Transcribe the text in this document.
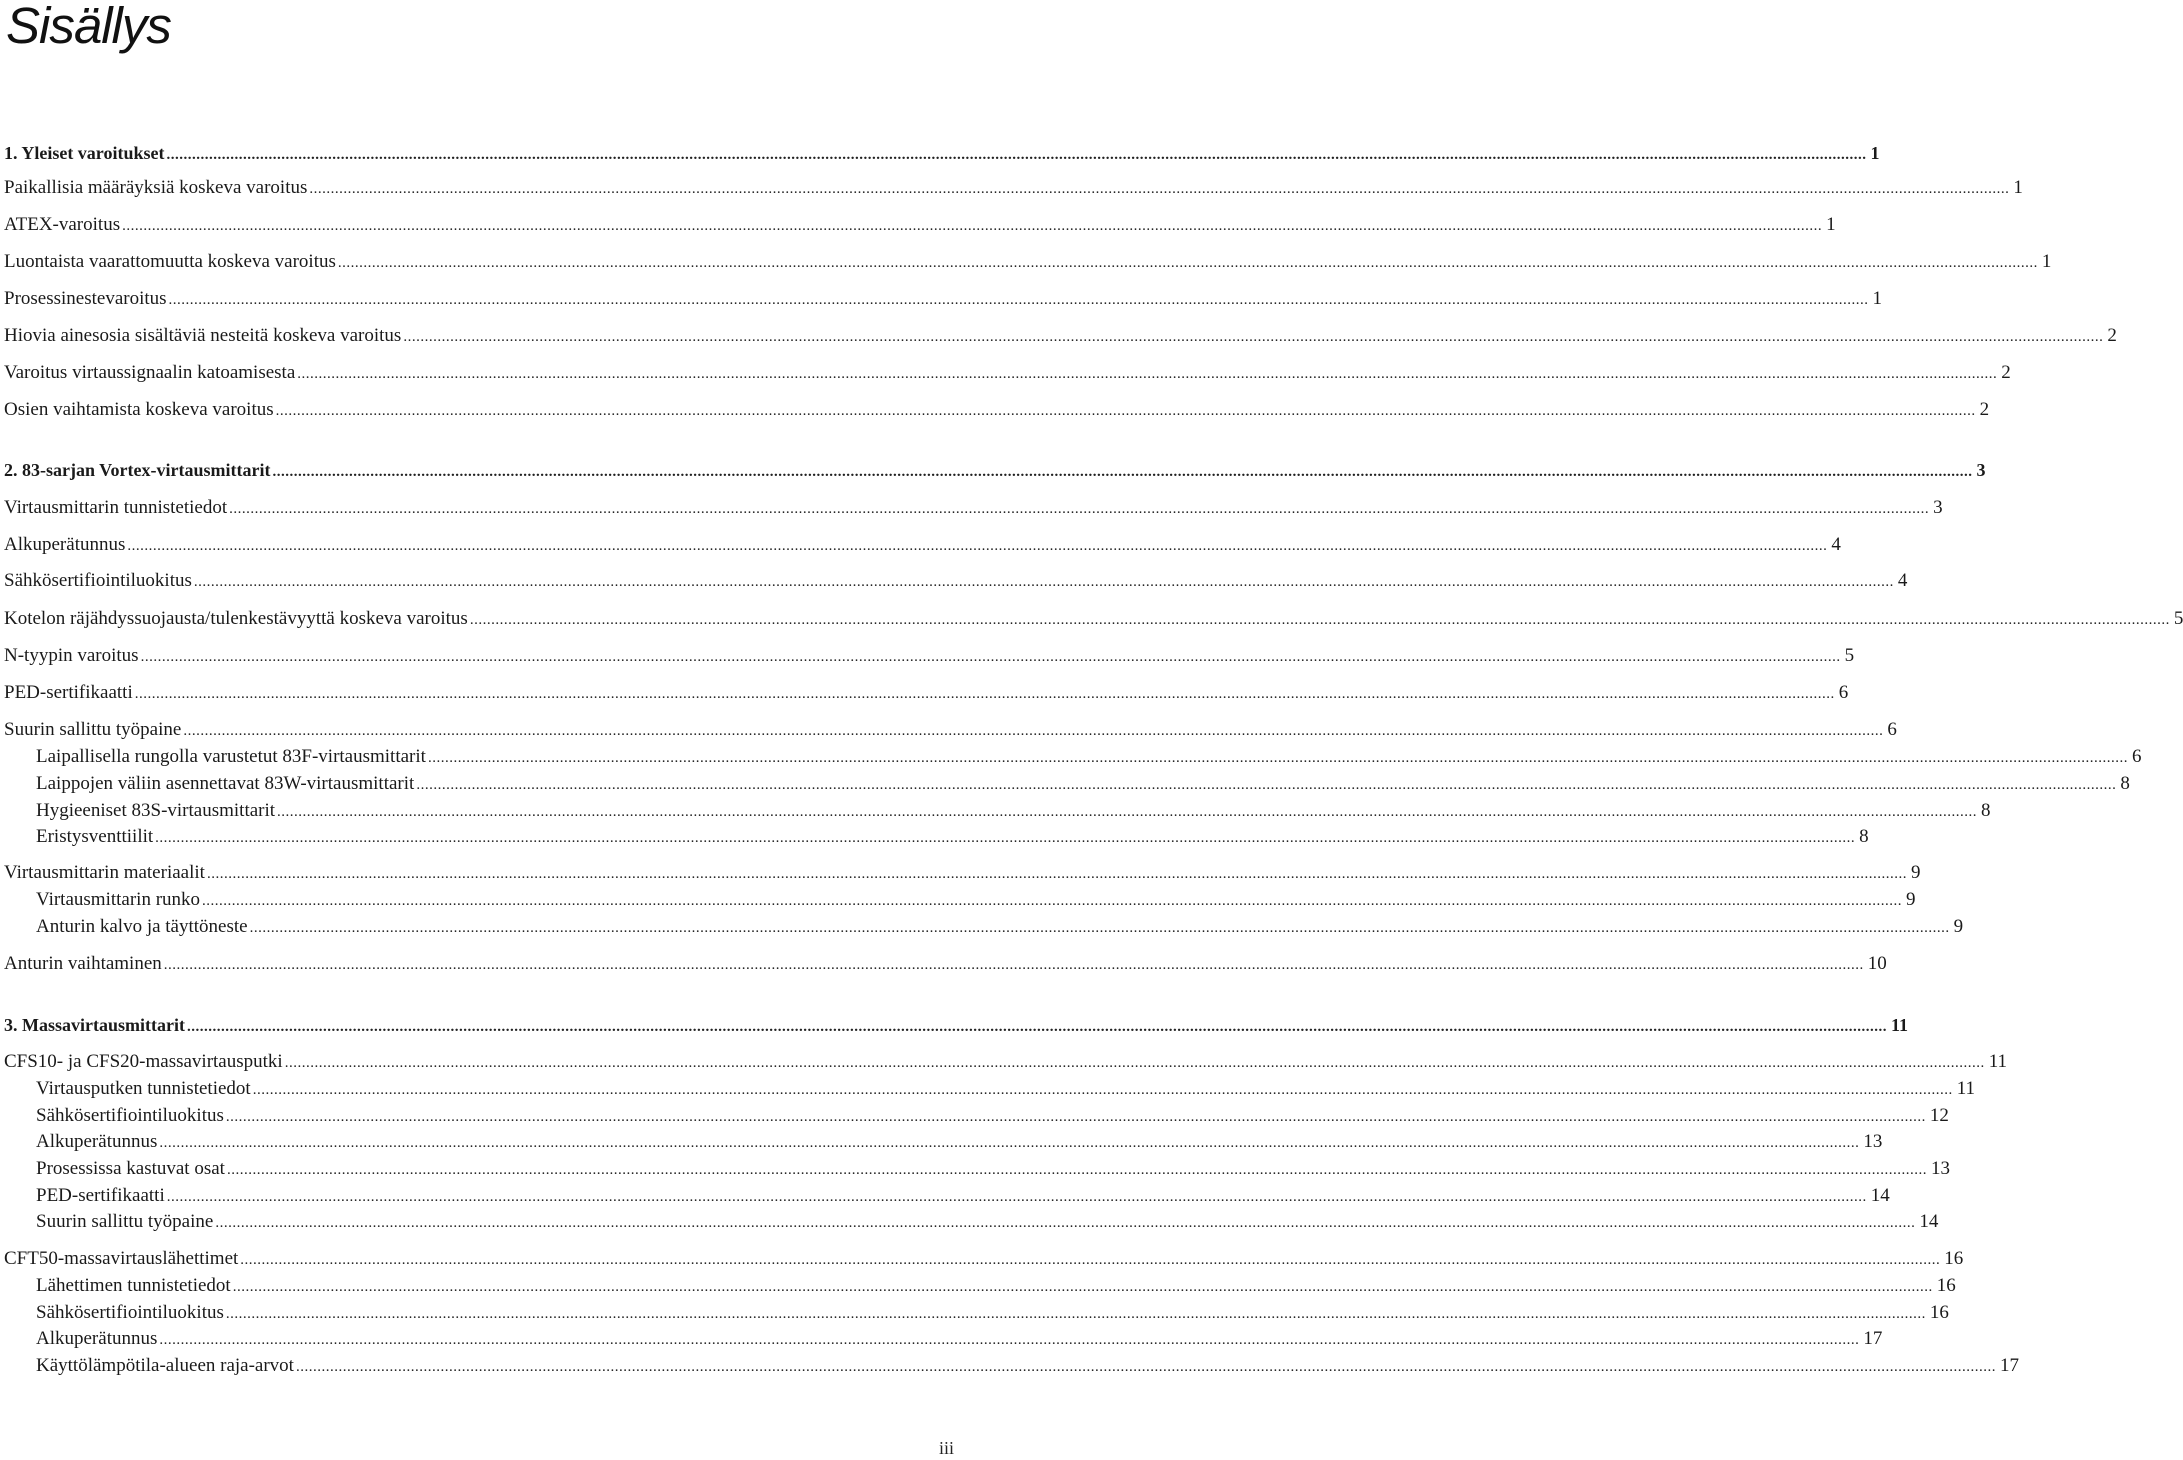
Sisällys
1. Yleiset varoitukset ................................................................................................................................................................................................................................................................................................................................................................................................................ 1
Paikallisia määräyksiä koskeva varoitus ................................................................................................................................................................................................................................................................................................................................................................................................................ 1
ATEX-varoitus ................................................................................................................................................................................................................................................................................................................................................................................................................ 1
Luontaista vaarattomuutta koskeva varoitus ................................................................................................................................................................................................................................................................................................................................................................................................................ 1
Prosessinestevaroitus ................................................................................................................................................................................................................................................................................................................................................................................................................ 1
Hiovia ainesosia sisältäviä nesteitä koskeva varoitus ................................................................................................................................................................................................................................................................................................................................................................................................................ 2
Varoitus virtaussignaalin katoamisesta ................................................................................................................................................................................................................................................................................................................................................................................................................ 2
Osien vaihtamista koskeva varoitus ................................................................................................................................................................................................................................................................................................................................................................................................................ 2
2. 83-sarjan Vortex-virtausmittarit ................................................................................................................................................................................................................................................................................................................................................................................................................ 3
Virtausmittarin tunnistetiedot ................................................................................................................................................................................................................................................................................................................................................................................................................ 3
Alkuperätunnus ................................................................................................................................................................................................................................................................................................................................................................................................................ 4
Sähkösertifiointiluokitus ................................................................................................................................................................................................................................................................................................................................................................................................................ 4
Kotelon räjähdyssuojausta/tulenkestävyyttä koskeva varoitus ................................................................................................................................................................................................................................................................................................................................................................................................................ 5
N-tyypin varoitus ................................................................................................................................................................................................................................................................................................................................................................................................................ 5
PED-sertifikaatti ................................................................................................................................................................................................................................................................................................................................................................................................................ 6
Suurin sallittu työpaine ................................................................................................................................................................................................................................................................................................................................................................................................................ 6
Laipallisella rungolla varustetut 83F-virtausmittarit ................................................................................................................................................................................................................................................................................................................................................................................................................ 6
Laippojen väliin asennettavat 83W-virtausmittarit ................................................................................................................................................................................................................................................................................................................................................................................................................ 8
Hygieeniset 83S-virtausmittarit ................................................................................................................................................................................................................................................................................................................................................................................................................ 8
Eristysventtiilit ................................................................................................................................................................................................................................................................................................................................................................................................................ 8
Virtausmittarin materiaalit ................................................................................................................................................................................................................................................................................................................................................................................................................ 9
Virtausmittarin runko ................................................................................................................................................................................................................................................................................................................................................................................................................ 9
Anturin kalvo ja täyttöneste ................................................................................................................................................................................................................................................................................................................................................................................................................ 9
Anturin vaihtaminen ................................................................................................................................................................................................................................................................................................................................................................................................................ 10
3. Massavirtausmittarit ................................................................................................................................................................................................................................................................................................................................................................................................................ 11
CFS10- ja CFS20-massavirtausputki ................................................................................................................................................................................................................................................................................................................................................................................................................ 11
Virtausputken tunnistetiedot ................................................................................................................................................................................................................................................................................................................................................................................................................ 11
Sähkösertifiointiluokitus ................................................................................................................................................................................................................................................................................................................................................................................................................ 12
Alkuperätunnus ................................................................................................................................................................................................................................................................................................................................................................................................................ 13
Prosessissa kastuvat osat ................................................................................................................................................................................................................................................................................................................................................................................................................ 13
PED-sertifikaatti ................................................................................................................................................................................................................................................................................................................................................................................................................ 14
Suurin sallittu työpaine ................................................................................................................................................................................................................................................................................................................................................................................................................ 14
CFT50-massavirtauslähettimet ................................................................................................................................................................................................................................................................................................................................................................................................................ 16
Lähettimen tunnistetiedot ................................................................................................................................................................................................................................................................................................................................................................................................................ 16
Sähkösertifiointiluokitus ................................................................................................................................................................................................................................................................................................................................................................................................................ 16
Alkuperätunnus ................................................................................................................................................................................................................................................................................................................................................................................................................ 17
Käyttölämpötila-alueen raja-arvot ................................................................................................................................................................................................................................................................................................................................................................................................................ 17
iii
